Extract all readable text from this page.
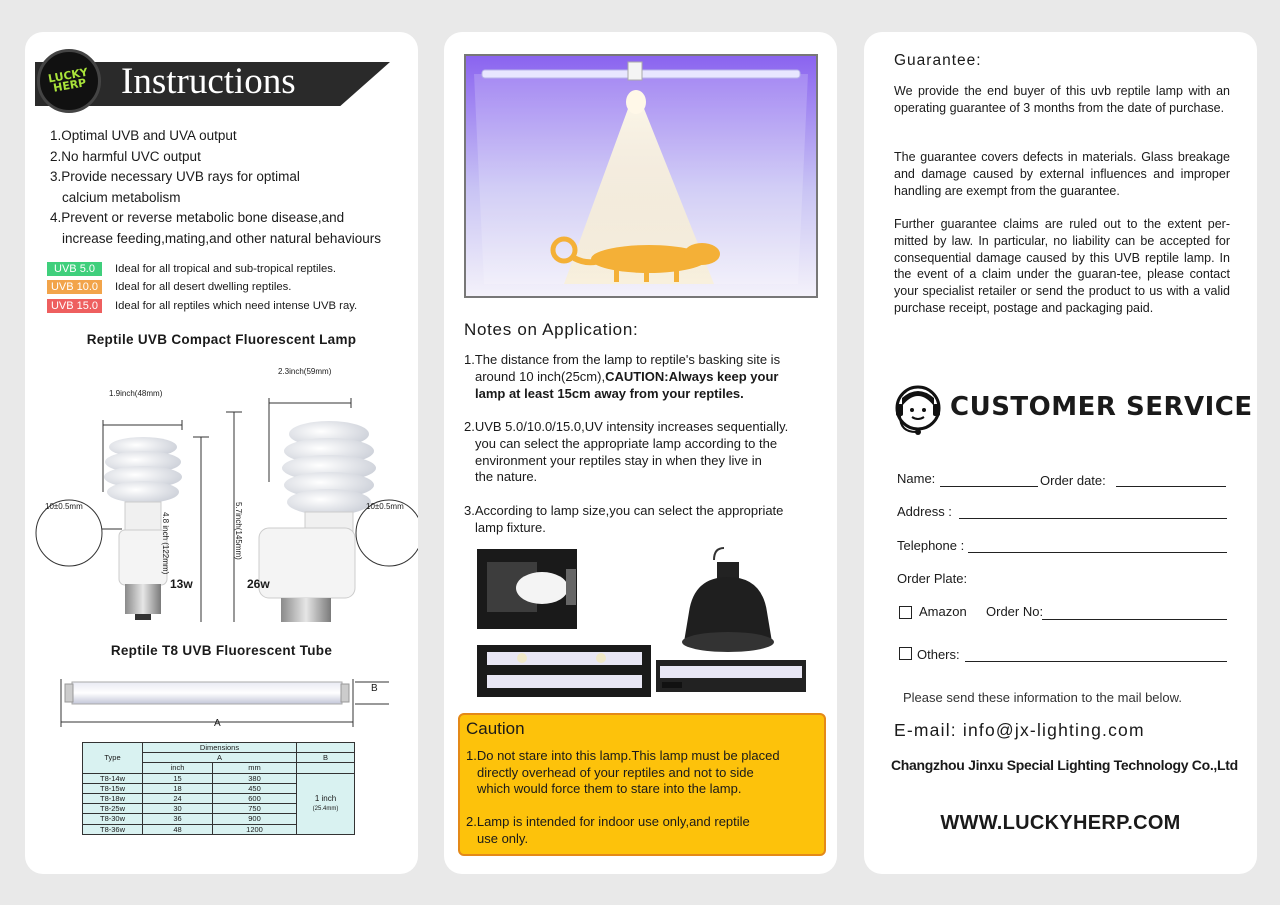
LUCKY HERP Instructions
1.Optimal UVB and UVA output
2.No harmful UVC output
3.Provide necessary UVB rays for optimal
calcium metabolism
4.Prevent or reverse metabolic bone disease,and
increase feeding,mating,and other natural behaviours
UVB 5.0	Ideal for all tropical and sub-tropical reptiles.
UVB 10.0	Ideal for all desert dwelling reptiles.
UVB 15.0	Ideal for all reptiles which need intense UVB ray.
Reptile UVB Compact Fluorescent Lamp
1.9inch(48mm)
2.3inch(59mm)
4.8 inch (122mm)	5.7inch(145mm)
10±0.5mm	10±0.5mm
13w	26w
Reptile T8 UVB Fluorescent Tube
B
A
Type	Dimensions		
	A		B
	inch	mm	
T8-14w	15	380	1 inch
(25.4mm)
T8-15w	18	450	
T8-18w	24	600	
T8-25w	30	750	
T8-30w	36	900	
T8-36w	48	1200	
Notes on Application:
1.The distance from the lamp to reptile's basking site is
around 10 inch(25cm),CAUTION:Always keep your
lamp at least 15cm away from your reptiles.
2.UVB 5.0/10.0/15.0,UV intensity increases sequentially.
you can select the appropriate lamp according to the
environment your reptiles stay in when they live in
the nature.
3.According to lamp size,you can select the appropriate
lamp fixture.
Caution
1.Do not stare into this lamp.This lamp must be placed
directly overhead of your reptiles and not to side
which would force them to stare into the lamp.
2.Lamp is intended for indoor use only,and reptile
use only.
Guarantee:
We provide the end buyer of this uvb reptile lamp with an operating guarantee of 3 months from the date of purchase.
The guarantee covers defects in materials. Glass breakage and damage caused by external influences and improper handling are exempt from the guarantee.
Further guarantee claims are ruled out to the extent per-mitted by law. In particular, no liability can be accepted for consequential damage caused by this UVB reptile lamp. In the event of a claim under the guaran-tee, please contact your specialist retailer or send the product to us with a valid purchase receipt, postage and packaging paid.
CUSTOMER SERVICE
Name:	Order date:
Address :
Telephone :
Order Plate:
Amazon Order No:
Others:
Please send these information to the mail below.
E-mail: info@jx-lighting.com
Changzhou Jinxu Special Lighting Technology Co.,Ltd
WWW.LUCKYHERP.COM
